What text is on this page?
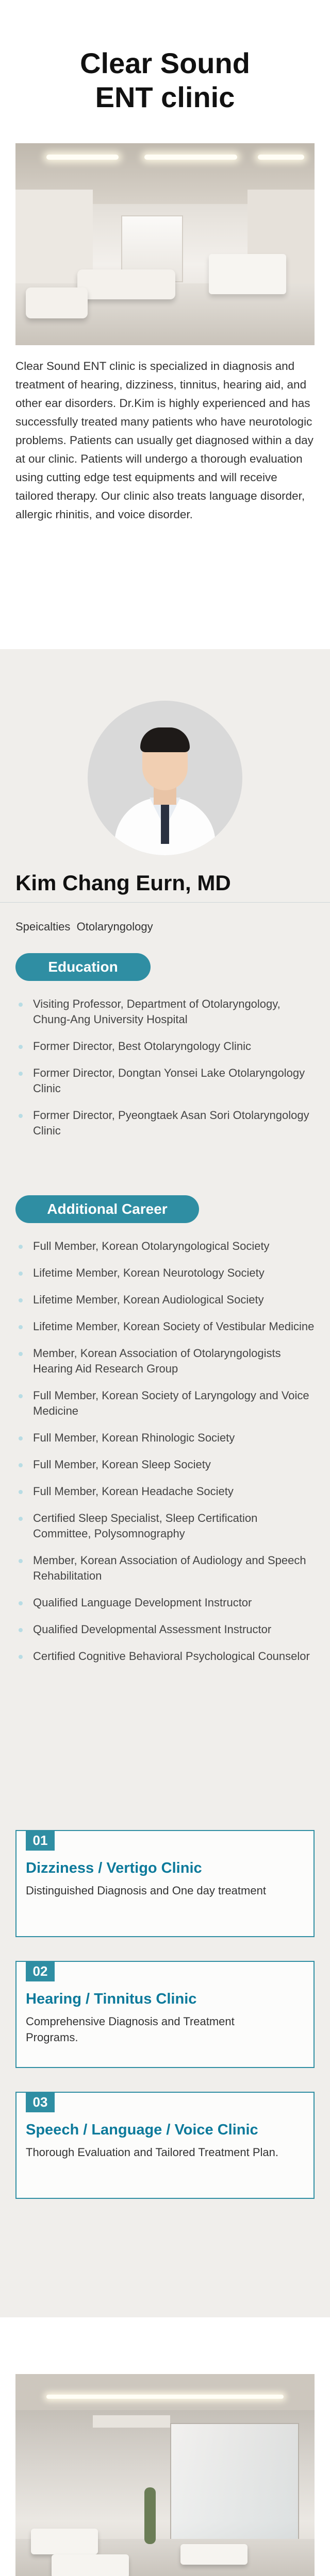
Clear Sound
ENT clinic

Clear Sound ENT clinic is specialized in diagnosis and treatment of hearing, dizziness, tinnitus, hearing aid, and other ear disorders. Dr.Kim is highly experienced and has successfully treated many patients who have neurotologic problems. Patients can usually get diagnosed within a day at our clinic. Patients will undergo a thorough evaluation using cutting edge test equipments and will receive tailored therapy. Our clinic also treats language disorder, allergic rhinitis, and voice disorder.

Kim Chang Eurn, MD
Speicalties Otolaryngology
Education
Visiting Professor, Department of Otolaryngology, Chung-Ang University Hospital
Former Director, Best Otolaryngology Clinic
Former Director, Dongtan Yonsei Lake Otolaryngology Clinic
Former Director, Pyeongtaek Asan Sori Otolaryngology Clinic
Additional Career
Full Member, Korean Otolaryngological Society
Lifetime Member, Korean Neurotology Society
Lifetime Member, Korean Audiological Society
Lifetime Member, Korean Society of Vestibular Medicine
Member, Korean Association of Otolaryngologists Hearing Aid Research Group
Full Member, Korean Society of Laryngology and Voice Medicine
Full Member, Korean Rhinologic Society
Full Member, Korean Sleep Society
Full Member, Korean Headache Society
Certified Sleep Specialist, Sleep Certification Committee, Polysomnography
Member, Korean Association of Audiology and Speech Rehabilitation
Qualified Language Development Instructor
Qualified Developmental Assessment Instructor
Certified Cognitive Behavioral Psychological Counselor
01
Dizziness / Vertigo Clinic
Distinguished Diagnosis and One day treatment
02
Hearing / Tinnitus Clinic
Comprehensive Diagnosis and Treatment Programs.
03
Speech / Language / Voice Clinic
Thorough Evaluation and Tailored Treatment Plan.
